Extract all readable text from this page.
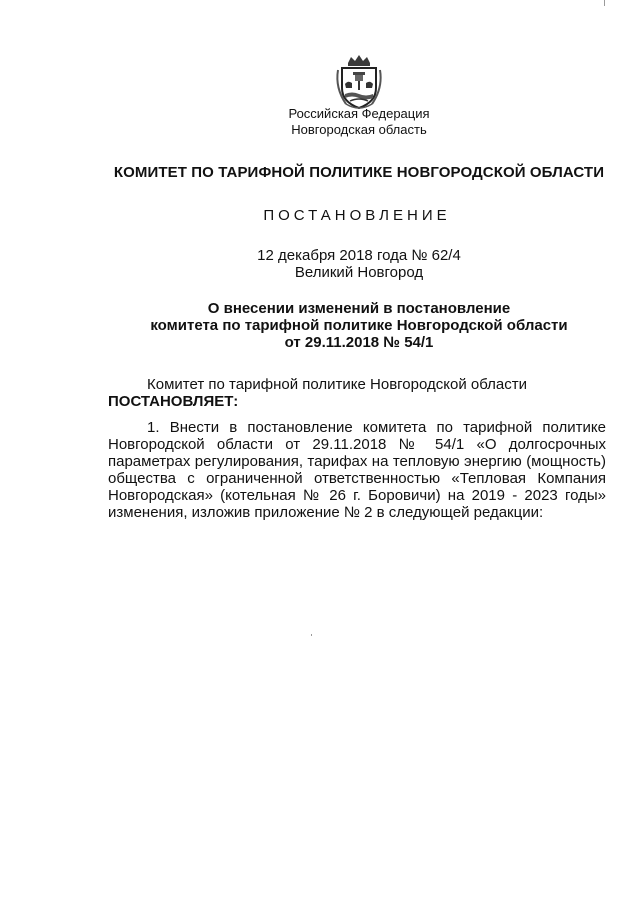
Российская Федерация
Новгородская область
КОМИТЕТ ПО ТАРИФНОЙ ПОЛИТИКЕ НОВГОРОДСКОЙ ОБЛАСТИ
ПОСТАНОВЛЕНИЕ
12 декабря 2018 года № 62/4
Великий Новгород
О внесении изменений в постановление
комитета по тарифной политике Новгородской области
от 29.11.2018 № 54/1
Комитет по тарифной политике Новгородской области
ПОСТАНОВЛЯЕТ:
1. Внести в постановление комитета по тарифной политике
Новгородской области от 29.11.2018 № 54/1 «О долгосрочных
параметрах регулирования, тарифах на тепловую энергию (мощность)
общества с ограниченной ответственностью «Тепловая Компания
Новгородская» (котельная № 26 г. Боровичи) на 2019 - 2023 годы»
изменения, изложив приложение № 2 в следующей редакции:
